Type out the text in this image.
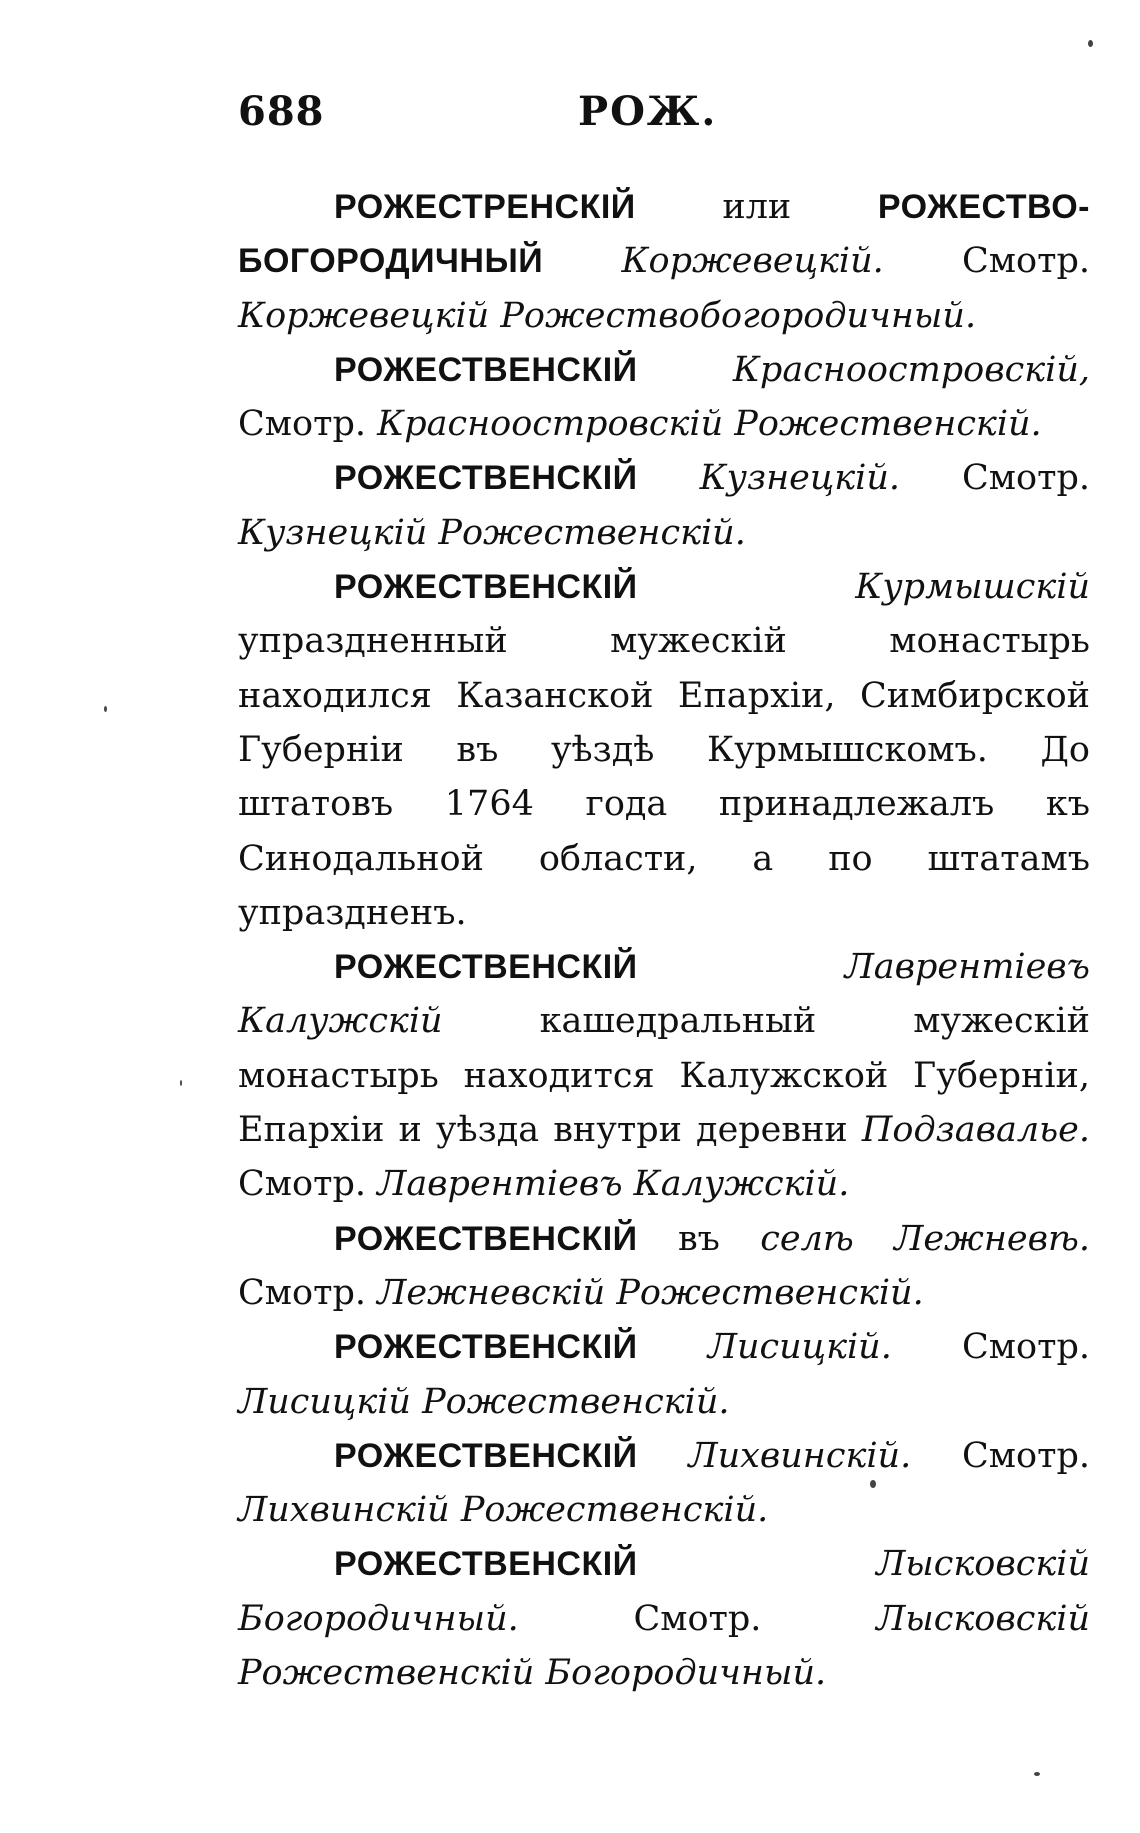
688	РОЖ.

РОЖЕСТРЕНСКІЙ или РОЖЕСТВО-БОГОРОДИЧНЫЙ Коржевецкій. Смотр. Коржевецкій Рожествобогородичный.

РОЖЕСТВЕНСКІЙ	Красноостровскій, Смотр. Красноостровскій Рожественскій.

РОЖЕСТВЕНСКІЙ Кузнецкій. Смотр. Кузнецкій Рожественскій.

РОЖЕСТВЕНСКІЙ	Курмышскій упраздненный мужескій монастырь находился Казанской Епархіи, Симбирской Губерніи въ уѣздѣ Курмышскомъ. До штатовъ 1764 года принадлежалъ къ Синодальной области, а по штатамъ упраздненъ.

РОЖЕСТВЕНСКІЙ	Лаврентіевъ Калужскій кашедральный мужескій монастырь находится Калужской Губерніи, Епархіи и уѣзда внутри деревни Подзавалье. Смотр. Лаврентіевъ Калужскій.

РОЖЕСТВЕНСКІЙ въ селѣ Лежневѣ. Смотр. Лежневскій Рожественскій.

РОЖЕСТВЕНСКІЙ Лисицкій. Смотр. Лисицкій Рожественскій.

РОЖЕСТВЕНСКІЙ Лихвинскій. Смотр. Лихвинскій Рожественскій.

РОЖЕСТВЕНСКІЙ	Лысковскій Богородичный. Смотр. Лысковскій Рожественскій Богородичный.
